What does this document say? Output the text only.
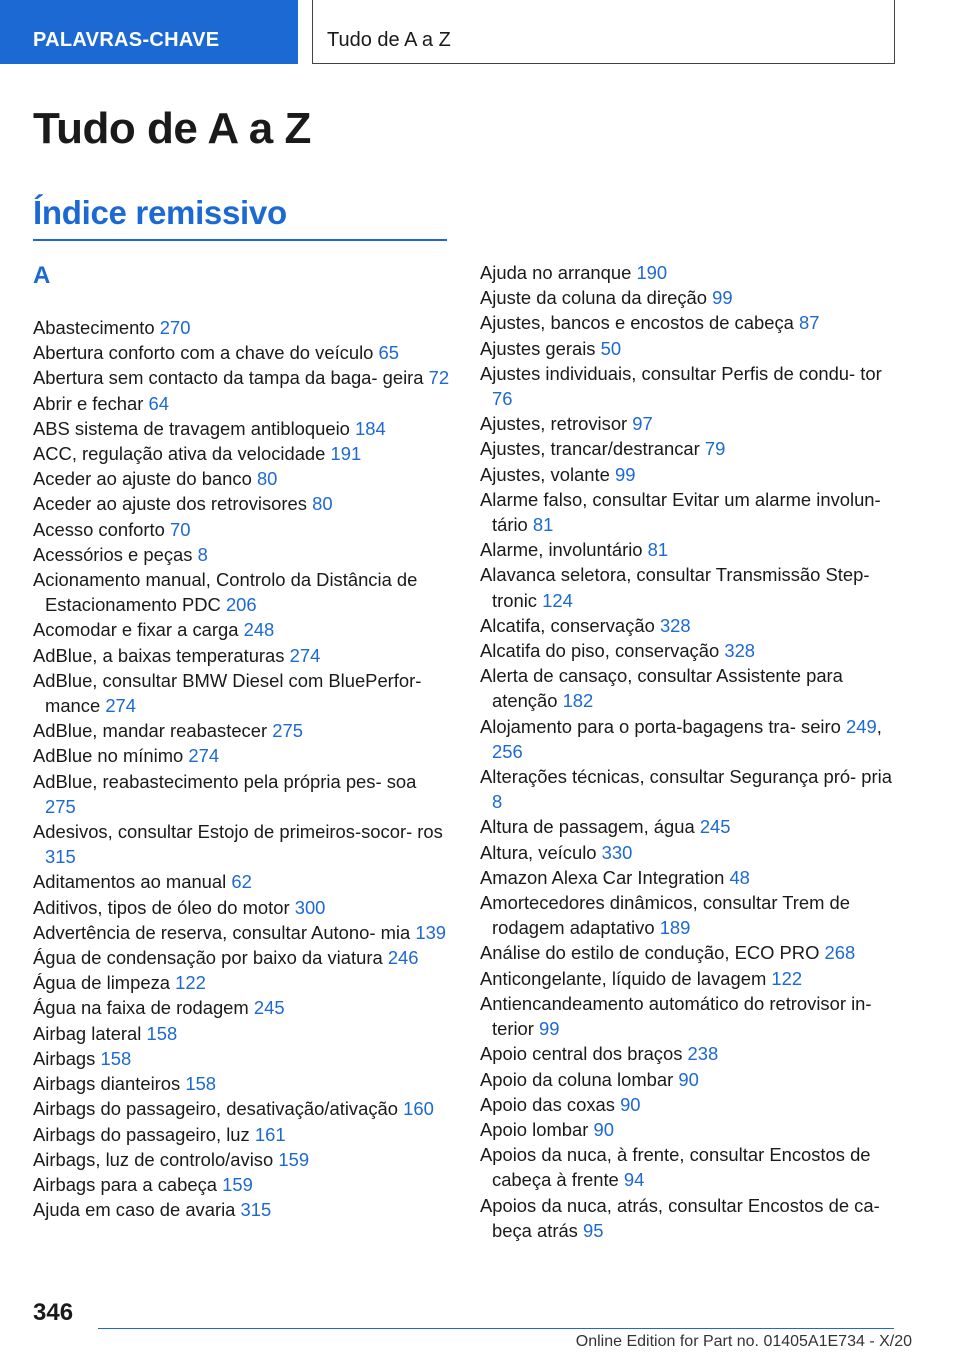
PALAVRAS-CHAVE	Tudo de A a Z
Tudo de A a Z
Índice remissivo
A
Abastecimento 270
Abertura conforto com a chave do veículo 65
Abertura sem contacto da tampa da baga- geira 72
Abrir e fechar 64
ABS sistema de travagem antibloqueio 184
ACC, regulação ativa da velocidade 191
Aceder ao ajuste do banco 80
Aceder ao ajuste dos retrovisores 80
Acesso conforto 70
Acessórios e peças 8
Acionamento manual, Controlo da Distância de Estacionamento PDC 206
Acomodar e fixar a carga 248
AdBlue, a baixas temperaturas 274
AdBlue, consultar BMW Diesel com BluePerfor- mance 274
AdBlue, mandar reabastecer 275
AdBlue no mínimo 274
AdBlue, reabastecimento pela própria pes- soa 275
Adesivos, consultar Estojo de primeiros-socor- ros 315
Aditamentos ao manual 62
Aditivos, tipos de óleo do motor 300
Advertência de reserva, consultar Autono- mia 139
Água de condensação por baixo da viatura 246
Água de limpeza 122
Água na faixa de rodagem 245
Airbag lateral 158
Airbags 158
Airbags dianteiros 158
Airbags do passageiro, desativação/ativação 160
Airbags do passageiro, luz 161
Airbags, luz de controlo/aviso 159
Airbags para a cabeça 159
Ajuda em caso de avaria 315
Ajuda no arranque 190
Ajuste da coluna da direção 99
Ajustes, bancos e encostos de cabeça 87
Ajustes gerais 50
Ajustes individuais, consultar Perfis de condu- tor 76
Ajustes, retrovisor 97
Ajustes, trancar/destrancar 79
Ajustes, volante 99
Alarme falso, consultar Evitar um alarme involun- tário 81
Alarme, involuntário 81
Alavanca seletora, consultar Transmissão Step- tronic 124
Alcatifa, conservação 328
Alcatifa do piso, conservação 328
Alerta de cansaço, consultar Assistente para atenção 182
Alojamento para o porta-bagagens tra- seiro 249, 256
Alterações técnicas, consultar Segurança pró- pria 8
Altura de passagem, água 245
Altura, veículo 330
Amazon Alexa Car Integration 48
Amortecedores dinâmicos, consultar Trem de rodagem adaptativo 189
Análise do estilo de condução, ECO PRO 268
Anticongelante, líquido de lavagem 122
Antiencandeamento automático do retrovisor in- terior 99
Apoio central dos braços 238
Apoio da coluna lombar 90
Apoio das coxas 90
Apoio lombar 90
Apoios da nuca, à frente, consultar Encostos de cabeça à frente 94
Apoios da nuca, atrás, consultar Encostos de ca- beça atrás 95
346
Online Edition for Part no. 01405A1E734 - X/20
